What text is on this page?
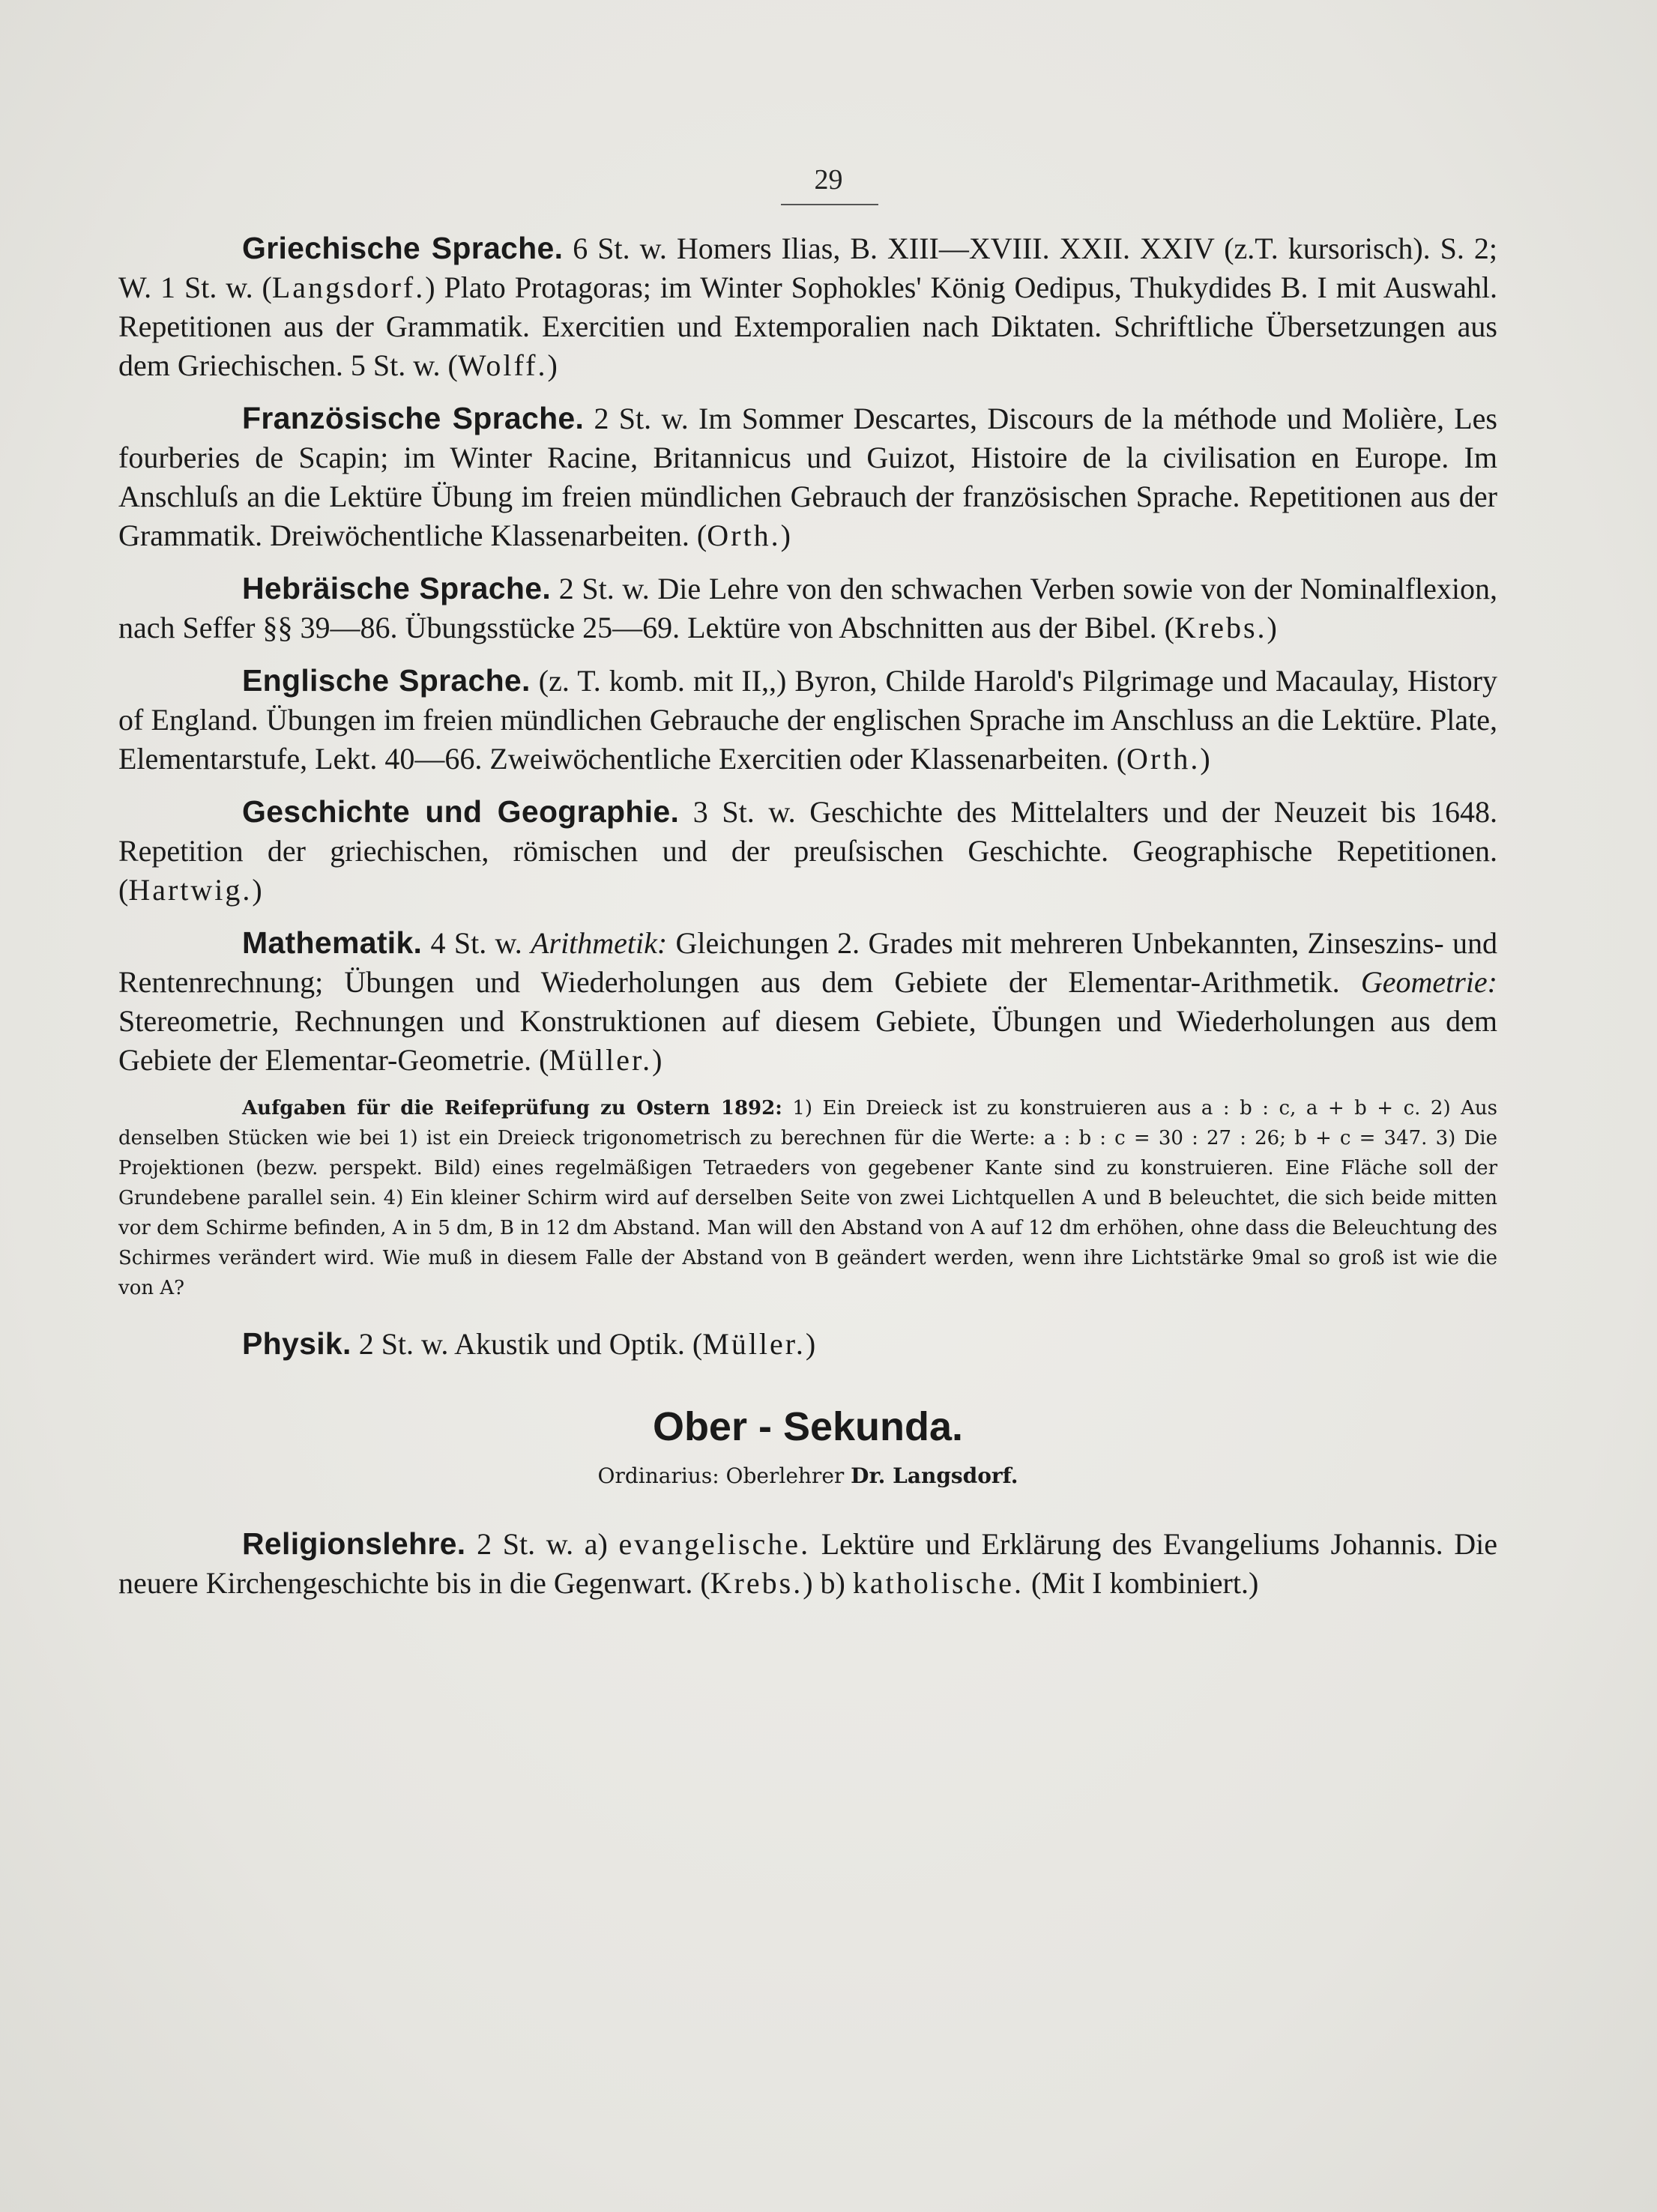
29

Griechische Sprache. 6 St. w. Homers Ilias, B. XIII—XVIII. XXII. XXIV (z.T. kursorisch). S. 2; W. 1 St. w. (Langsdorf.) Plato Protagoras; im Winter Sophokles' König Oedipus, Thukydides B. I mit Auswahl. Repetitionen aus der Grammatik. Exercitien und Extemporalien nach Diktaten. Schriftliche Übersetzungen aus dem Griechischen. 5 St. w. (Wolff.)

Französische Sprache. 2 St. w. Im Sommer Descartes, Discours de la méthode und Molière, Les fourberies de Scapin; im Winter Racine, Britannicus und Guizot, Histoire de la civilisation en Europe. Im Anschluſs an die Lektüre Übung im freien mündlichen Gebrauch der französischen Sprache. Repetitionen aus der Grammatik. Dreiwöchentliche Klassenarbeiten. (Orth.)

Hebräische Sprache. 2 St. w. Die Lehre von den schwachen Verben sowie von der Nominalflexion, nach Seffer §§ 39—86. Übungsstücke 25—69. Lektüre von Abschnitten aus der Bibel. (Krebs.)

Englische Sprache. (z. T. komb. mit II,,) Byron, Childe Harold's Pilgrimage und Macaulay, History of England. Übungen im freien mündlichen Gebrauche der englischen Sprache im Anschluss an die Lektüre. Plate, Elementarstufe, Lekt. 40—66. Zweiwöchentliche Exercitien oder Klassenarbeiten. (Orth.)

Geschichte und Geographie. 3 St. w. Geschichte des Mittelalters und der Neuzeit bis 1648. Repetition der griechischen, römischen und der preuſsischen Geschichte. Geographische Repetitionen. (Hartwig.)

Mathematik. 4 St. w. Arithmetik: Gleichungen 2. Grades mit mehreren Unbekannten, Zinseszins- und Rentenrechnung; Übungen und Wiederholungen aus dem Gebiete der Elementar-Arithmetik. Geometrie: Stereometrie, Rechnungen und Konstruktionen auf diesem Gebiete, Übungen und Wiederholungen aus dem Gebiete der Elementar-Geometrie. (Müller.)

Aufgaben für die Reifeprüfung zu Ostern 1892: 1) Ein Dreieck ist zu konstruieren aus a : b : c, a + b + c. 2) Aus denselben Stücken wie bei 1) ist ein Dreieck trigonometrisch zu berechnen für die Werte: a : b : c = 30 : 27 : 26; b + c = 347. 3) Die Projektionen (bezw. perspekt. Bild) eines regelmäßigen Tetraeders von gegebener Kante sind zu konstruieren. Eine Fläche soll der Grundebene parallel sein. 4) Ein kleiner Schirm wird auf derselben Seite von zwei Lichtquellen A und B beleuchtet, die sich beide mitten vor dem Schirme befinden, A in 5 dm, B in 12 dm Abstand. Man will den Abstand von A auf 12 dm erhöhen, ohne dass die Beleuchtung des Schirmes verändert wird. Wie muß in diesem Falle der Abstand von B geändert werden, wenn ihre Lichtstärke 9mal so groß ist wie die von A?

Physik. 2 St. w. Akustik und Optik. (Müller.)

Ober - Sekunda.
Ordinarius: Oberlehrer Dr. Langsdorf.

Religionslehre. 2 St. w. a) evangelische. Lektüre und Erklärung des Evangeliums Johannis. Die neuere Kirchengeschichte bis in die Gegenwart. (Krebs.) b) katholische. (Mit I kombiniert.)
